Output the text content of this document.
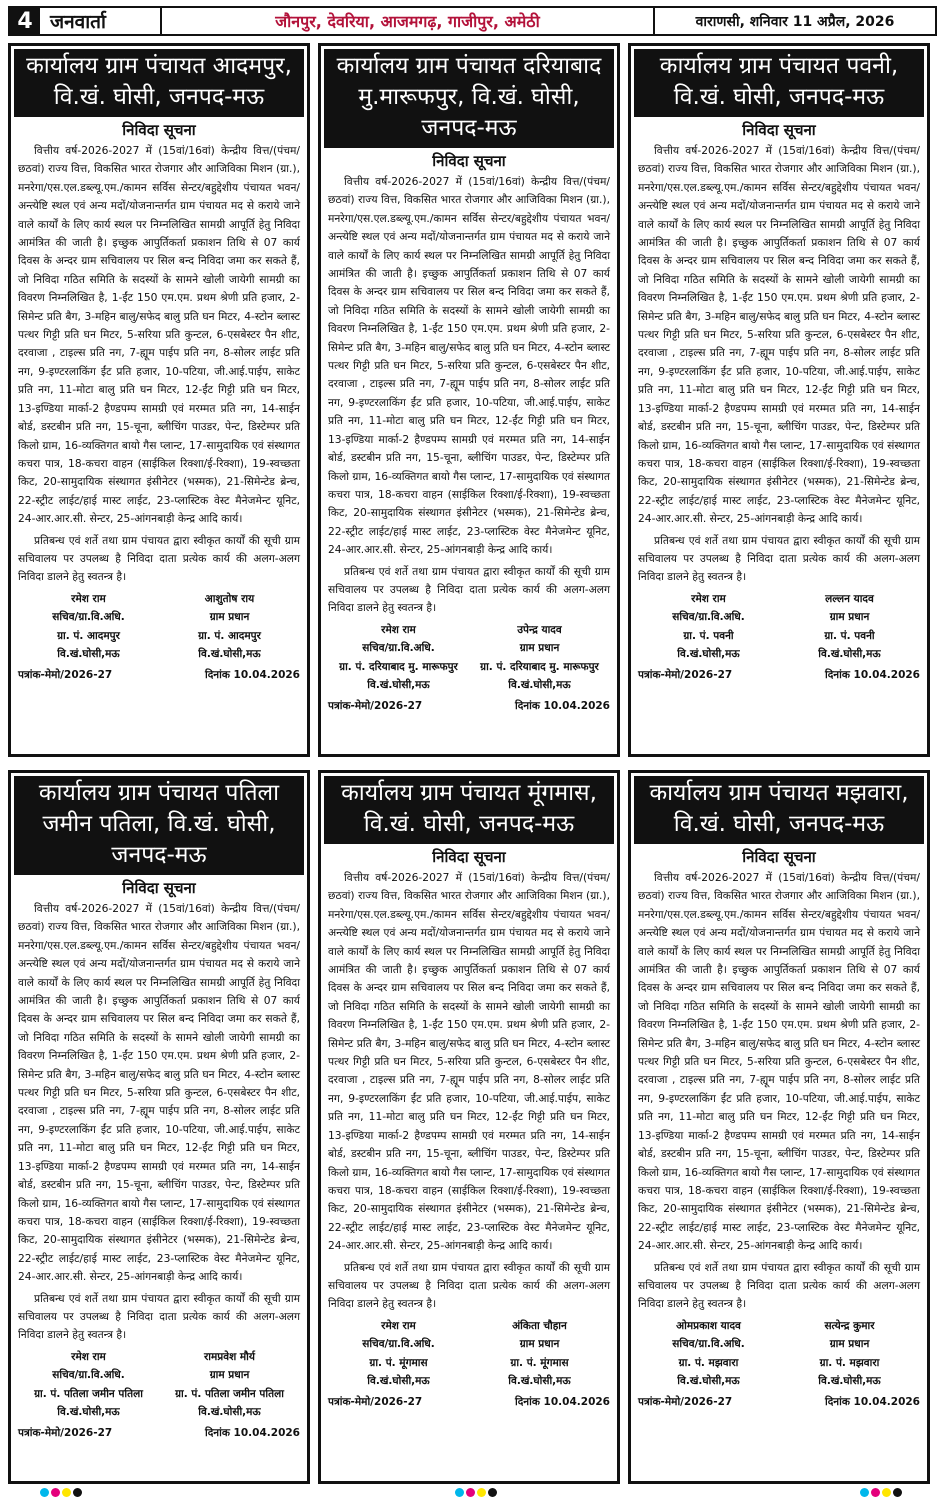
4 जनवार्ता	जौनपुर, देवरिया, आजमगढ़, गाजीपुर, अमेठी	वाराणसी, शनिवार 11 अप्रैल, 2026
कार्यालय ग्राम पंचायत आदमपुर, वि.खं. घोसी, जनपद-मऊ
निविदा सूचना
वित्तीय वर्ष-2026-2027 में (15वां/16वां) केन्द्रीय वित्त/(पंचम/छठवां) राज्य वित्त, विकसित भारत रोजगार और आजिविका मिशन (ग्रा.), मनरेगा/एस.एल.डब्ल्यू.एम./कामन सर्विस सेन्टर/बहुद्देशीय पंचायत भवन/अन्त्येष्टि स्थल एवं अन्य मदों/योजनान्तर्गत ग्राम पंचायत मद से कराये जाने वाले कार्यों के लिए कार्य स्थल पर निम्नलिखित सामग्री आपूर्ति हेतु निविदा आमंत्रित की जाती है। इच्छुक आपुर्तिकर्ता प्रकाशन तिथि से 07 कार्य दिवस के अन्दर ग्राम सचिवालय पर सिल बन्द निविदा जमा कर सकते हैं, जो निविदा गठित समिति के सदस्यों के सामने खोली जायेगी सामग्री का विवरण निम्नलिखित है, 1-ईंट 150 एम.एम. प्रथम श्रेणी प्रति हजार, 2-सिमेन्ट प्रति बैग, 3-महिन बालु/सफेद बालु प्रति घन मिटर, 4-स्टोन ब्लास्ट पत्थर गिट्टी प्रति घन मिटर, 5-सरिया प्रति कुन्टल, 6-एसबेस्टर पैन शीट, दरवाजा , टाइल्स प्रति नग, 7-ह्यूम पाईप प्रति नग, 8-सोलर लाईट प्रति नग, 9-इण्टरलाकिंग ईंट प्रति हजार, 10-पटिया, जी.आई.पाईप, साकेट प्रति नग, 11-मोटा बालु प्रति घन मिटर, 12-ईंट गिट्टी प्रति घन मिटर, 13-इण्डिया मार्का-2 हैण्डपम्प सामग्री एवं मरम्मत प्रति नग, 14-साईन बोर्ड, डस्टबीन प्रति नग, 15-चूना, ब्लीचिंग पाउडर, पेन्ट, डिस्टेम्पर प्रति किलो ग्राम, 16-व्यक्तिगत बायो गैस प्लान्ट, 17-सामुदायिक एवं संस्थागत कचरा पात्र, 18-कचरा वाहन (साईकिल रिक्शा/ई-रिक्शा), 19-स्वच्छता किट, 20-सामुदायिक संस्थागत इंसीनेटर (भस्मक), 21-सिमेन्टेड ब्रेन्च, 22-स्ट्रीट लाईट/हाई मास्ट लाईट, 23-प्लास्टिक वेस्ट मैनेजमेन्ट यूनिट, 24-आर.आर.सी. सेन्टर, 25-आंगनबाड़ी केन्द्र आदि कार्य।
प्रतिबन्ध एवं शर्ते तथा ग्राम पंचायत द्वारा स्वीकृत कार्यों की सूची ग्राम सचिवालय पर उपलब्ध है निविदा दाता प्रत्येक कार्य की अलग-अलग निविदा डालने हेतु स्वतन्त्र है।
रमेश राम	आशुतोष राय
सचिव/ग्रा.वि.अधि.	ग्राम प्रधान
ग्रा. पं. आदमपुर	ग्रा. पं. आदमपुर
वि.खं.घोसी,मऊ	वि.खं.घोसी,मऊ
पत्रांक-मेमो/2026-27	दिनांक 10.04.2026
कार्यालय ग्राम पंचायत दरियाबाद मु.मारूफपुर, वि.खं. घोसी, जनपद-मऊ
निविदा सूचना
वित्तीय वर्ष-2026-2027 में (15वां/16वां) केन्द्रीय वित्त/(पंचम/छठवां) राज्य वित्त, विकसित भारत रोजगार और आजिविका मिशन (ग्रा.), मनरेगा/एस.एल.डब्ल्यू.एम./कामन सर्विस सेन्टर/बहुद्देशीय पंचायत भवन/अन्त्येष्टि स्थल एवं अन्य मदों/योजनान्तर्गत ग्राम पंचायत मद से कराये जाने वाले कार्यों के लिए कार्य स्थल पर निम्नलिखित सामग्री आपूर्ति हेतु निविदा आमंत्रित की जाती है। इच्छुक आपुर्तिकर्ता प्रकाशन तिथि से 07 कार्य दिवस के अन्दर ग्राम सचिवालय पर सिल बन्द निविदा जमा कर सकते हैं, जो निविदा गठित समिति के सदस्यों के सामने खोली जायेगी सामग्री का विवरण निम्नलिखित है, 1-ईंट 150 एम.एम. प्रथम श्रेणी प्रति हजार, 2-सिमेन्ट प्रति बैग, 3-महिन बालु/सफेद बालु प्रति घन मिटर, 4-स्टोन ब्लास्ट पत्थर गिट्टी प्रति घन मिटर, 5-सरिया प्रति कुन्टल, 6-एसबेस्टर पैन शीट, दरवाजा , टाइल्स प्रति नग, 7-ह्यूम पाईप प्रति नग, 8-सोलर लाईट प्रति नग, 9-इण्टरलाकिंग ईंट प्रति हजार, 10-पटिया, जी.आई.पाईप, साकेट प्रति नग, 11-मोटा बालु प्रति घन मिटर, 12-ईंट गिट्टी प्रति घन मिटर, 13-इण्डिया मार्का-2 हैण्डपम्प सामग्री एवं मरम्मत प्रति नग, 14-साईन बोर्ड, डस्टबीन प्रति नग, 15-चूना, ब्लीचिंग पाउडर, पेन्ट, डिस्टेम्पर प्रति किलो ग्राम, 16-व्यक्तिगत बायो गैस प्लान्ट, 17-सामुदायिक एवं संस्थागत कचरा पात्र, 18-कचरा वाहन (साईकिल रिक्शा/ई-रिक्शा), 19-स्वच्छता किट, 20-सामुदायिक संस्थागत इंसीनेटर (भस्मक), 21-सिमेन्टेड ब्रेन्च, 22-स्ट्रीट लाईट/हाई मास्ट लाईट, 23-प्लास्टिक वेस्ट मैनेजमेन्ट यूनिट, 24-आर.आर.सी. सेन्टर, 25-आंगनबाड़ी केन्द्र आदि कार्य।
प्रतिबन्ध एवं शर्ते तथा ग्राम पंचायत द्वारा स्वीकृत कार्यों की सूची ग्राम सचिवालय पर उपलब्ध है निविदा दाता प्रत्येक कार्य की अलग-अलग निविदा डालने हेतु स्वतन्त्र है।
रमेश राम	उपेन्द्र यादव
सचिव/ग्रा.वि.अधि.	ग्राम प्रधान
ग्रा. पं. दरियाबाद मु. मारूफपुर	ग्रा. पं. दरियाबाद मु. मारूफपुर
वि.खं.घोसी,मऊ	वि.खं.घोसी,मऊ
पत्रांक-मेमो/2026-27	दिनांक 10.04.2026
कार्यालय ग्राम पंचायत पवनी, वि.खं. घोसी, जनपद-मऊ
निविदा सूचना
वित्तीय वर्ष-2026-2027 में (15वां/16वां) केन्द्रीय वित्त/(पंचम/छठवां) राज्य वित्त, विकसित भारत रोजगार और आजिविका मिशन (ग्रा.), मनरेगा/एस.एल.डब्ल्यू.एम./कामन सर्विस सेन्टर/बहुद्देशीय पंचायत भवन/अन्त्येष्टि स्थल एवं अन्य मदों/योजनान्तर्गत ग्राम पंचायत मद से कराये जाने वाले कार्यों के लिए कार्य स्थल पर निम्नलिखित सामग्री आपूर्ति हेतु निविदा आमंत्रित की जाती है। इच्छुक आपुर्तिकर्ता प्रकाशन तिथि से 07 कार्य दिवस के अन्दर ग्राम सचिवालय पर सिल बन्द निविदा जमा कर सकते हैं, जो निविदा गठित समिति के सदस्यों के सामने खोली जायेगी सामग्री का विवरण निम्नलिखित है, 1-ईंट 150 एम.एम. प्रथम श्रेणी प्रति हजार, 2-सिमेन्ट प्रति बैग, 3-महिन बालु/सफेद बालु प्रति घन मिटर, 4-स्टोन ब्लास्ट पत्थर गिट्टी प्रति घन मिटर, 5-सरिया प्रति कुन्टल, 6-एसबेस्टर पैन शीट, दरवाजा , टाइल्स प्रति नग, 7-ह्यूम पाईप प्रति नग, 8-सोलर लाईट प्रति नग, 9-इण्टरलाकिंग ईंट प्रति हजार, 10-पटिया, जी.आई.पाईप, साकेट प्रति नग, 11-मोटा बालु प्रति घन मिटर, 12-ईंट गिट्टी प्रति घन मिटर, 13-इण्डिया मार्का-2 हैण्डपम्प सामग्री एवं मरम्मत प्रति नग, 14-साईन बोर्ड, डस्टबीन प्रति नग, 15-चूना, ब्लीचिंग पाउडर, पेन्ट, डिस्टेम्पर प्रति किलो ग्राम, 16-व्यक्तिगत बायो गैस प्लान्ट, 17-सामुदायिक एवं संस्थागत कचरा पात्र, 18-कचरा वाहन (साईकिल रिक्शा/ई-रिक्शा), 19-स्वच्छता किट, 20-सामुदायिक संस्थागत इंसीनेटर (भस्मक), 21-सिमेन्टेड ब्रेन्च, 22-स्ट्रीट लाईट/हाई मास्ट लाईट, 23-प्लास्टिक वेस्ट मैनेजमेन्ट यूनिट, 24-आर.आर.सी. सेन्टर, 25-आंगनबाड़ी केन्द्र आदि कार्य।
प्रतिबन्ध एवं शर्ते तथा ग्राम पंचायत द्वारा स्वीकृत कार्यों की सूची ग्राम सचिवालय पर उपलब्ध है निविदा दाता प्रत्येक कार्य की अलग-अलग निविदा डालने हेतु स्वतन्त्र है।
रमेश राम	लल्लन यादव
सचिव/ग्रा.वि.अधि.	ग्राम प्रधान
ग्रा. पं. पवनी	ग्रा. पं. पवनी
वि.खं.घोसी,मऊ	वि.खं.घोसी,मऊ
पत्रांक-मेमो/2026-27	दिनांक 10.04.2026
कार्यालय ग्राम पंचायत पतिला जमीन पतिला, वि.खं. घोसी, जनपद-मऊ
निविदा सूचना
वित्तीय वर्ष-2026-2027 में (15वां/16वां) केन्द्रीय वित्त/(पंचम/छठवां) राज्य वित्त, विकसित भारत रोजगार और आजिविका मिशन (ग्रा.), मनरेगा/एस.एल.डब्ल्यू.एम./कामन सर्विस सेन्टर/बहुद्देशीय पंचायत भवन/अन्त्येष्टि स्थल एवं अन्य मदों/योजनान्तर्गत ग्राम पंचायत मद से कराये जाने वाले कार्यों के लिए कार्य स्थल पर निम्नलिखित सामग्री आपूर्ति हेतु निविदा आमंत्रित की जाती है। इच्छुक आपुर्तिकर्ता प्रकाशन तिथि से 07 कार्य दिवस के अन्दर ग्राम सचिवालय पर सिल बन्द निविदा जमा कर सकते हैं, जो निविदा गठित समिति के सदस्यों के सामने खोली जायेगी सामग्री का विवरण निम्नलिखित है, 1-ईंट 150 एम.एम. प्रथम श्रेणी प्रति हजार, 2-सिमेन्ट प्रति बैग, 3-महिन बालु/सफेद बालु प्रति घन मिटर, 4-स्टोन ब्लास्ट पत्थर गिट्टी प्रति घन मिटर, 5-सरिया प्रति कुन्टल, 6-एसबेस्टर पैन शीट, दरवाजा , टाइल्स प्रति नग, 7-ह्यूम पाईप प्रति नग, 8-सोलर लाईट प्रति नग, 9-इण्टरलाकिंग ईंट प्रति हजार, 10-पटिया, जी.आई.पाईप, साकेट प्रति नग, 11-मोटा बालु प्रति घन मिटर, 12-ईंट गिट्टी प्रति घन मिटर, 13-इण्डिया मार्का-2 हैण्डपम्प सामग्री एवं मरम्मत प्रति नग, 14-साईन बोर्ड, डस्टबीन प्रति नग, 15-चूना, ब्लीचिंग पाउडर, पेन्ट, डिस्टेम्पर प्रति किलो ग्राम, 16-व्यक्तिगत बायो गैस प्लान्ट, 17-सामुदायिक एवं संस्थागत कचरा पात्र, 18-कचरा वाहन (साईकिल रिक्शा/ई-रिक्शा), 19-स्वच्छता किट, 20-सामुदायिक संस्थागत इंसीनेटर (भस्मक), 21-सिमेन्टेड ब्रेन्च, 22-स्ट्रीट लाईट/हाई मास्ट लाईट, 23-प्लास्टिक वेस्ट मैनेजमेन्ट यूनिट, 24-आर.आर.सी. सेन्टर, 25-आंगनबाड़ी केन्द्र आदि कार्य।
प्रतिबन्ध एवं शर्ते तथा ग्राम पंचायत द्वारा स्वीकृत कार्यों की सूची ग्राम सचिवालय पर उपलब्ध है निविदा दाता प्रत्येक कार्य की अलग-अलग निविदा डालने हेतु स्वतन्त्र है।
रमेश राम	रामप्रवेश मौर्य
सचिव/ग्रा.वि.अधि.	ग्राम प्रधान
ग्रा. पं. पतिला जमीन पतिला	ग्रा. पं. पतिला जमीन पतिला
वि.खं.घोसी,मऊ	वि.खं.घोसी,मऊ
पत्रांक-मेमो/2026-27	दिनांक 10.04.2026
कार्यालय ग्राम पंचायत मूंगमास, वि.खं. घोसी, जनपद-मऊ
निविदा सूचना
वित्तीय वर्ष-2026-2027 में (15वां/16वां) केन्द्रीय वित्त/(पंचम/छठवां) राज्य वित्त, विकसित भारत रोजगार और आजिविका मिशन (ग्रा.), मनरेगा/एस.एल.डब्ल्यू.एम./कामन सर्विस सेन्टर/बहुद्देशीय पंचायत भवन/अन्त्येष्टि स्थल एवं अन्य मदों/योजनान्तर्गत ग्राम पंचायत मद से कराये जाने वाले कार्यों के लिए कार्य स्थल पर निम्नलिखित सामग्री आपूर्ति हेतु निविदा आमंत्रित की जाती है। इच्छुक आपुर्तिकर्ता प्रकाशन तिथि से 07 कार्य दिवस के अन्दर ग्राम सचिवालय पर सिल बन्द निविदा जमा कर सकते हैं, जो निविदा गठित समिति के सदस्यों के सामने खोली जायेगी सामग्री का विवरण निम्नलिखित है, 1-ईंट 150 एम.एम. प्रथम श्रेणी प्रति हजार, 2-सिमेन्ट प्रति बैग, 3-महिन बालु/सफेद बालु प्रति घन मिटर, 4-स्टोन ब्लास्ट पत्थर गिट्टी प्रति घन मिटर, 5-सरिया प्रति कुन्टल, 6-एसबेस्टर पैन शीट, दरवाजा , टाइल्स प्रति नग, 7-ह्यूम पाईप प्रति नग, 8-सोलर लाईट प्रति नग, 9-इण्टरलाकिंग ईंट प्रति हजार, 10-पटिया, जी.आई.पाईप, साकेट प्रति नग, 11-मोटा बालु प्रति घन मिटर, 12-ईंट गिट्टी प्रति घन मिटर, 13-इण्डिया मार्का-2 हैण्डपम्प सामग्री एवं मरम्मत प्रति नग, 14-साईन बोर्ड, डस्टबीन प्रति नग, 15-चूना, ब्लीचिंग पाउडर, पेन्ट, डिस्टेम्पर प्रति किलो ग्राम, 16-व्यक्तिगत बायो गैस प्लान्ट, 17-सामुदायिक एवं संस्थागत कचरा पात्र, 18-कचरा वाहन (साईकिल रिक्शा/ई-रिक्शा), 19-स्वच्छता किट, 20-सामुदायिक संस्थागत इंसीनेटर (भस्मक), 21-सिमेन्टेड ब्रेन्च, 22-स्ट्रीट लाईट/हाई मास्ट लाईट, 23-प्लास्टिक वेस्ट मैनेजमेन्ट यूनिट, 24-आर.आर.सी. सेन्टर, 25-आंगनबाड़ी केन्द्र आदि कार्य।
प्रतिबन्ध एवं शर्ते तथा ग्राम पंचायत द्वारा स्वीकृत कार्यों की सूची ग्राम सचिवालय पर उपलब्ध है निविदा दाता प्रत्येक कार्य की अलग-अलग निविदा डालने हेतु स्वतन्त्र है।
रमेश राम	अंकिता चौहान
सचिव/ग्रा.वि.अधि.	ग्राम प्रधान
ग्रा. पं. मूंगमास	ग्रा. पं. मूंगमास
वि.खं.घोसी,मऊ	वि.खं.घोसी,मऊ
पत्रांक-मेमो/2026-27	दिनांक 10.04.2026
कार्यालय ग्राम पंचायत मझवारा, वि.खं. घोसी, जनपद-मऊ
निविदा सूचना
वित्तीय वर्ष-2026-2027 में (15वां/16वां) केन्द्रीय वित्त/(पंचम/छठवां) राज्य वित्त, विकसित भारत रोजगार और आजिविका मिशन (ग्रा.), मनरेगा/एस.एल.डब्ल्यू.एम./कामन सर्विस सेन्टर/बहुद्देशीय पंचायत भवन/अन्त्येष्टि स्थल एवं अन्य मदों/योजनान्तर्गत ग्राम पंचायत मद से कराये जाने वाले कार्यों के लिए कार्य स्थल पर निम्नलिखित सामग्री आपूर्ति हेतु निविदा आमंत्रित की जाती है। इच्छुक आपुर्तिकर्ता प्रकाशन तिथि से 07 कार्य दिवस के अन्दर ग्राम सचिवालय पर सिल बन्द निविदा जमा कर सकते हैं, जो निविदा गठित समिति के सदस्यों के सामने खोली जायेगी सामग्री का विवरण निम्नलिखित है, 1-ईंट 150 एम.एम. प्रथम श्रेणी प्रति हजार, 2-सिमेन्ट प्रति बैग, 3-महिन बालु/सफेद बालु प्रति घन मिटर, 4-स्टोन ब्लास्ट पत्थर गिट्टी प्रति घन मिटर, 5-सरिया प्रति कुन्टल, 6-एसबेस्टर पैन शीट, दरवाजा , टाइल्स प्रति नग, 7-ह्यूम पाईप प्रति नग, 8-सोलर लाईट प्रति नग, 9-इण्टरलाकिंग ईंट प्रति हजार, 10-पटिया, जी.आई.पाईप, साकेट प्रति नग, 11-मोटा बालु प्रति घन मिटर, 12-ईंट गिट्टी प्रति घन मिटर, 13-इण्डिया मार्का-2 हैण्डपम्प सामग्री एवं मरम्मत प्रति नग, 14-साईन बोर्ड, डस्टबीन प्रति नग, 15-चूना, ब्लीचिंग पाउडर, पेन्ट, डिस्टेम्पर प्रति किलो ग्राम, 16-व्यक्तिगत बायो गैस प्लान्ट, 17-सामुदायिक एवं संस्थागत कचरा पात्र, 18-कचरा वाहन (साईकिल रिक्शा/ई-रिक्शा), 19-स्वच्छता किट, 20-सामुदायिक संस्थागत इंसीनेटर (भस्मक), 21-सिमेन्टेड ब्रेन्च, 22-स्ट्रीट लाईट/हाई मास्ट लाईट, 23-प्लास्टिक वेस्ट मैनेजमेन्ट यूनिट, 24-आर.आर.सी. सेन्टर, 25-आंगनबाड़ी केन्द्र आदि कार्य।
प्रतिबन्ध एवं शर्ते तथा ग्राम पंचायत द्वारा स्वीकृत कार्यों की सूची ग्राम सचिवालय पर उपलब्ध है निविदा दाता प्रत्येक कार्य की अलग-अलग निविदा डालने हेतु स्वतन्त्र है।
ओमप्रकाश यादव	सत्येन्द्र कुमार
सचिव/ग्रा.वि.अधि.	ग्राम प्रधान
ग्रा. पं. मझवारा	ग्रा. पं. मझवारा
वि.खं.घोसी,मऊ	वि.खं.घोसी,मऊ
पत्रांक-मेमो/2026-27	दिनांक 10.04.2026
